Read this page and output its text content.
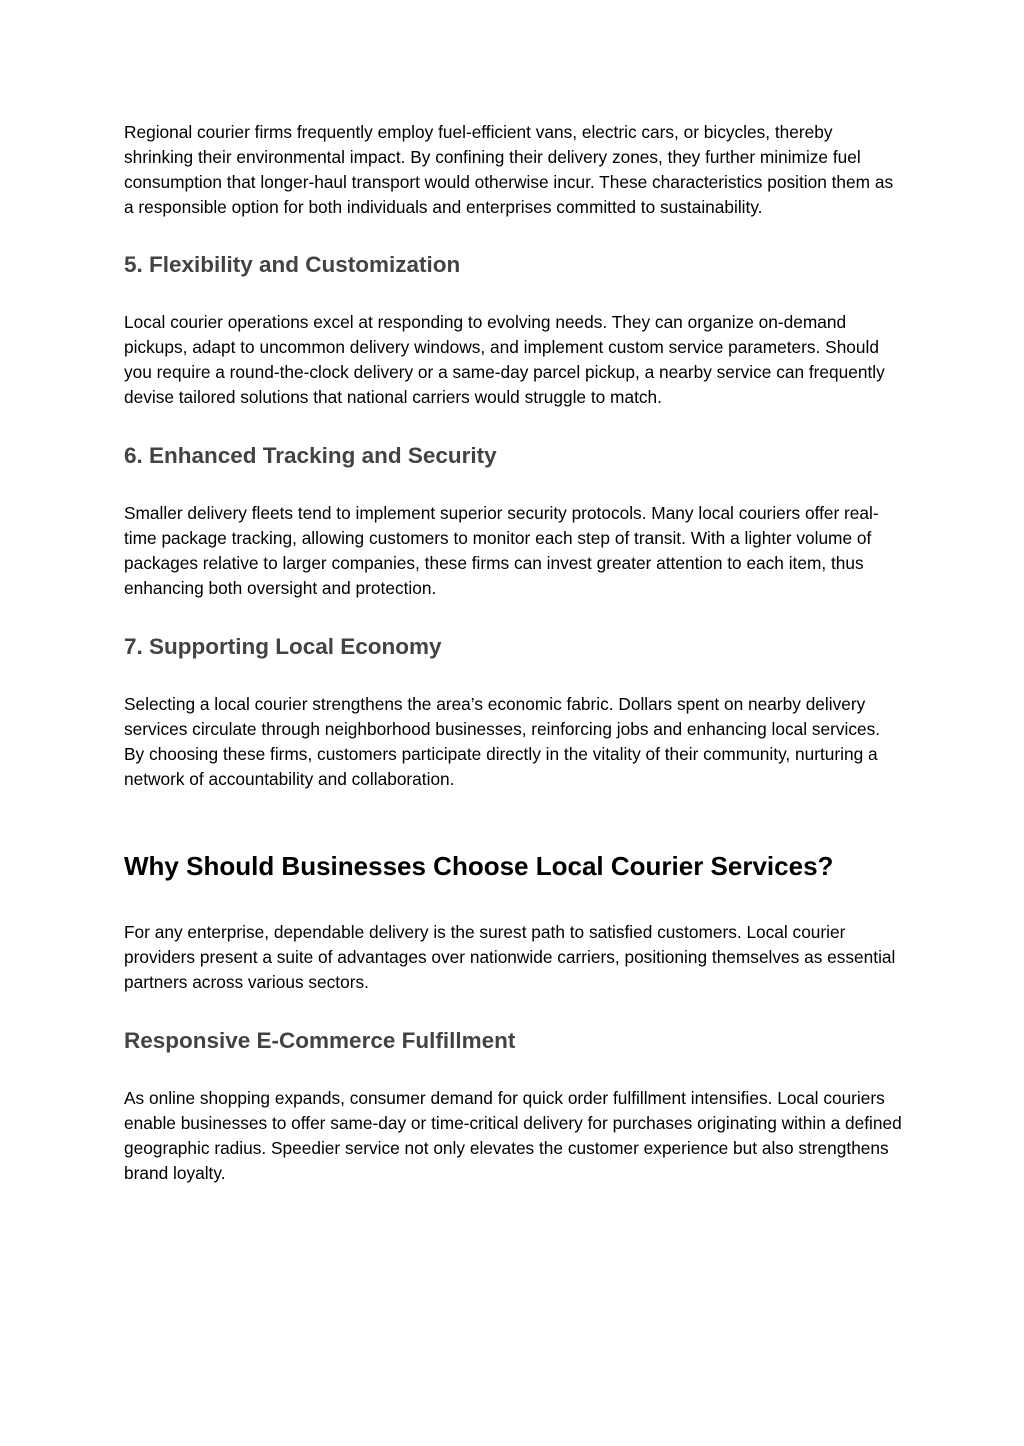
Regional courier firms frequently employ fuel-efficient vans, electric cars, or bicycles, thereby shrinking their environmental impact. By confining their delivery zones, they further minimize fuel consumption that longer-haul transport would otherwise incur. These characteristics position them as a responsible option for both individuals and enterprises committed to sustainability.

5. Flexibility and Customization

Local courier operations excel at responding to evolving needs. They can organize on-demand pickups, adapt to uncommon delivery windows, and implement custom service parameters. Should you require a round-the-clock delivery or a same-day parcel pickup, a nearby service can frequently devise tailored solutions that national carriers would struggle to match.

6. Enhanced Tracking and Security

Smaller delivery fleets tend to implement superior security protocols. Many local couriers offer real-time package tracking, allowing customers to monitor each step of transit. With a lighter volume of packages relative to larger companies, these firms can invest greater attention to each item, thus enhancing both oversight and protection.

7. Supporting Local Economy

Selecting a local courier strengthens the area’s economic fabric. Dollars spent on nearby delivery services circulate through neighborhood businesses, reinforcing jobs and enhancing local services. By choosing these firms, customers participate directly in the vitality of their community, nurturing a network of accountability and collaboration.

Why Should Businesses Choose Local Courier Services?

For any enterprise, dependable delivery is the surest path to satisfied customers. Local courier providers present a suite of advantages over nationwide carriers, positioning themselves as essential partners across various sectors.

Responsive E-Commerce Fulfillment

As online shopping expands, consumer demand for quick order fulfillment intensifies. Local couriers enable businesses to offer same-day or time-critical delivery for purchases originating within a defined geographic radius. Speedier service not only elevates the customer experience but also strengthens brand loyalty.
